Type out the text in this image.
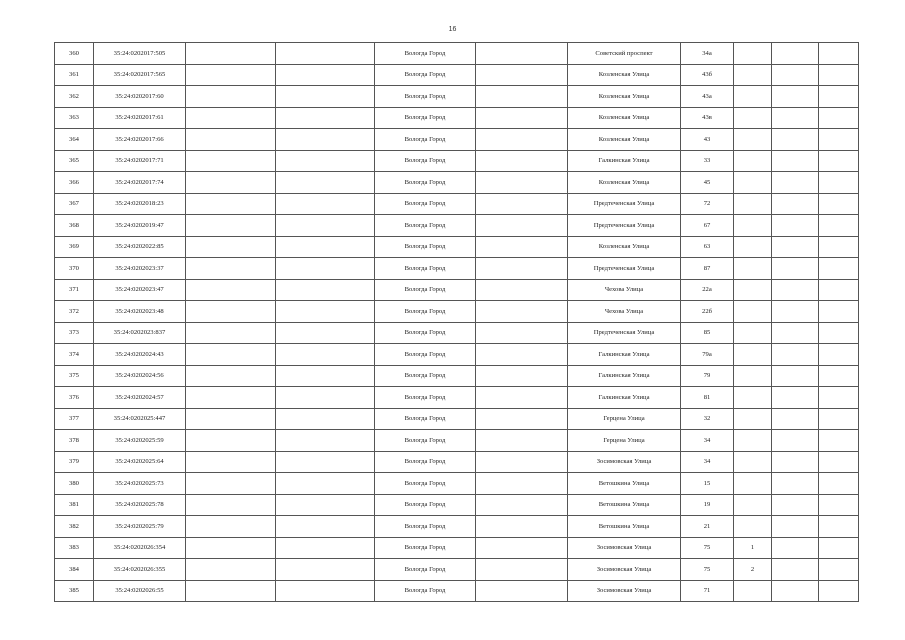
16
360	35:24:0202017:505			Вологда Город		Советский проспект	34а			
361	35:24:0202017:565			Вологда Город		Козленская Улица	43б			
362	35:24:0202017:60			Вологда Город		Козленская Улица	43а			
363	35:24:0202017:61			Вологда Город		Козленская Улица	43в			
364	35:24:0202017:66			Вологда Город		Козленская Улица	43			
365	35:24:0202017:71			Вологда Город		Галкинская Улица	33			
366	35:24:0202017:74			Вологда Город		Козленская Улица	45			
367	35:24:0202018:23			Вологда Город		Предтеченская Улица	72			
368	35:24:0202019:47			Вологда Город		Предтеченская Улица	67			
369	35:24:0202022:85			Вологда Город		Козленская Улица	63			
370	35:24:0202023:37			Вологда Город		Предтеченская Улица	87			
371	35:24:0202023:47			Вологда Город		Чехова Улица	22а			
372	35:24:0202023:48			Вологда Город		Чехова Улица	22б			
373	35:24:0202023:837			Вологда Город		Предтеченская Улица	85			
374	35:24:0202024:43			Вологда Город		Галкинская Улица	79а			
375	35:24:0202024:56			Вологда Город		Галкинская Улица	79			
376	35:24:0202024:57			Вологда Город		Галкинская Улица	81			
377	35:24:0202025:447			Вологда Город		Герцена Улица	32			
378	35:24:0202025:59			Вологда Город		Герцена Улица	34			
379	35:24:0202025:64			Вологда Город		Зосимовская Улица	34			
380	35:24:0202025:73			Вологда Город		Ветошкина Улица	15			
381	35:24:0202025:78			Вологда Город		Ветошкина Улица	19			
382	35:24:0202025:79			Вологда Город		Ветошкина Улица	21			
383	35:24:0202026:354			Вологда Город		Зосимовская Улица	75	1		
384	35:24:0202026:355			Вологда Город		Зосимовская Улица	75	2		
385	35:24:0202026:55			Вологда Город		Зосимовская Улица	71			
